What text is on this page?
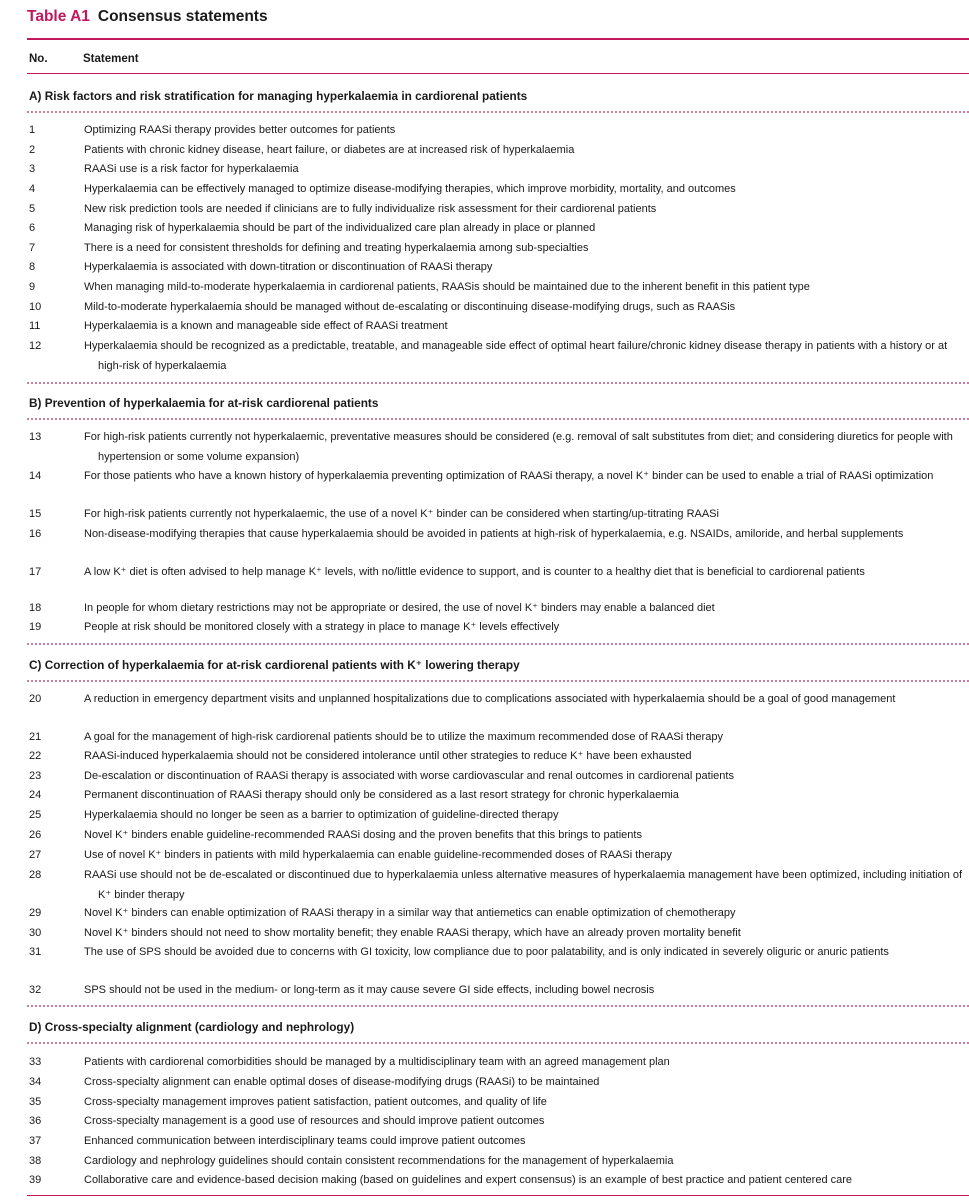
Table A1 Consensus statements
No.	Statement
A) Risk factors and risk stratification for managing hyperkalaemia in cardiorenal patients
1	Optimizing RAASi therapy provides better outcomes for patients
2	Patients with chronic kidney disease, heart failure, or diabetes are at increased risk of hyperkalaemia
3	RAASi use is a risk factor for hyperkalaemia
4	Hyperkalaemia can be effectively managed to optimize disease-modifying therapies, which improve morbidity, mortality, and outcomes
5	New risk prediction tools are needed if clinicians are to fully individualize risk assessment for their cardiorenal patients
6	Managing risk of hyperkalaemia should be part of the individualized care plan already in place or planned
7	There is a need for consistent thresholds for defining and treating hyperkalaemia among sub-specialties
8	Hyperkalaemia is associated with down-titration or discontinuation of RAASi therapy
9	When managing mild-to-moderate hyperkalaemia in cardiorenal patients, RAASis should be maintained due to the inherent benefit in this patient type
10	Mild-to-moderate hyperkalaemia should be managed without de-escalating or discontinuing disease-modifying drugs, such as RAASis
11	Hyperkalaemia is a known and manageable side effect of RAASi treatment
12	Hyperkalaemia should be recognized as a predictable, treatable, and manageable side effect of optimal heart failure/chronic kidney disease therapy in patients with a history or at high-risk of hyperkalaemia
B) Prevention of hyperkalaemia for at-risk cardiorenal patients
13	For high-risk patients currently not hyperkalaemic, preventative measures should be considered (e.g. removal of salt substitutes from diet; and considering diuretics for people with hypertension or some volume expansion)
14	For those patients who have a known history of hyperkalaemia preventing optimization of RAASi therapy, a novel K⁺ binder can be used to enable a trial of RAASi optimization
15	For high-risk patients currently not hyperkalaemic, the use of a novel K⁺ binder can be considered when starting/up-titrating RAASi
16	Non-disease-modifying therapies that cause hyperkalaemia should be avoided in patients at high-risk of hyperkalaemia, e.g. NSAIDs, amiloride, and herbal supplements
17	A low K⁺ diet is often advised to help manage K⁺ levels, with no/little evidence to support, and is counter to a healthy diet that is beneficial to cardiorenal patients
18	In people for whom dietary restrictions may not be appropriate or desired, the use of novel K⁺ binders may enable a balanced diet
19	People at risk should be monitored closely with a strategy in place to manage K⁺ levels effectively
C) Correction of hyperkalaemia for at-risk cardiorenal patients with K⁺ lowering therapy
20	A reduction in emergency department visits and unplanned hospitalizations due to complications associated with hyperkalaemia should be a goal of good management
21	A goal for the management of high-risk cardiorenal patients should be to utilize the maximum recommended dose of RAASi therapy
22	RAASi-induced hyperkalaemia should not be considered intolerance until other strategies to reduce K⁺ have been exhausted
23	De-escalation or discontinuation of RAASi therapy is associated with worse cardiovascular and renal outcomes in cardiorenal patients
24	Permanent discontinuation of RAASi therapy should only be considered as a last resort strategy for chronic hyperkalaemia
25	Hyperkalaemia should no longer be seen as a barrier to optimization of guideline-directed therapy
26	Novel K⁺ binders enable guideline-recommended RAASi dosing and the proven benefits that this brings to patients
27	Use of novel K⁺ binders in patients with mild hyperkalaemia can enable guideline-recommended doses of RAASi therapy
28	RAASi use should not be de-escalated or discontinued due to hyperkalaemia unless alternative measures of hyperkalaemia management have been optimized, including initiation of K⁺ binder therapy
29	Novel K⁺ binders can enable optimization of RAASi therapy in a similar way that antiemetics can enable optimization of chemotherapy
30	Novel K⁺ binders should not need to show mortality benefit; they enable RAASi therapy, which have an already proven mortality benefit
31	The use of SPS should be avoided due to concerns with GI toxicity, low compliance due to poor palatability, and is only indicated in severely oliguric or anuric patients
32	SPS should not be used in the medium- or long-term as it may cause severe GI side effects, including bowel necrosis
D) Cross-specialty alignment (cardiology and nephrology)
33	Patients with cardiorenal comorbidities should be managed by a multidisciplinary team with an agreed management plan
34	Cross-specialty alignment can enable optimal doses of disease-modifying drugs (RAASi) to be maintained
35	Cross-specialty management improves patient satisfaction, patient outcomes, and quality of life
36	Cross-specialty management is a good use of resources and should improve patient outcomes
37	Enhanced communication between interdisciplinary teams could improve patient outcomes
38	Cardiology and nephrology guidelines should contain consistent recommendations for the management of hyperkalaemia
39	Collaborative care and evidence-based decision making (based on guidelines and expert consensus) is an example of best practice and patient centered care
